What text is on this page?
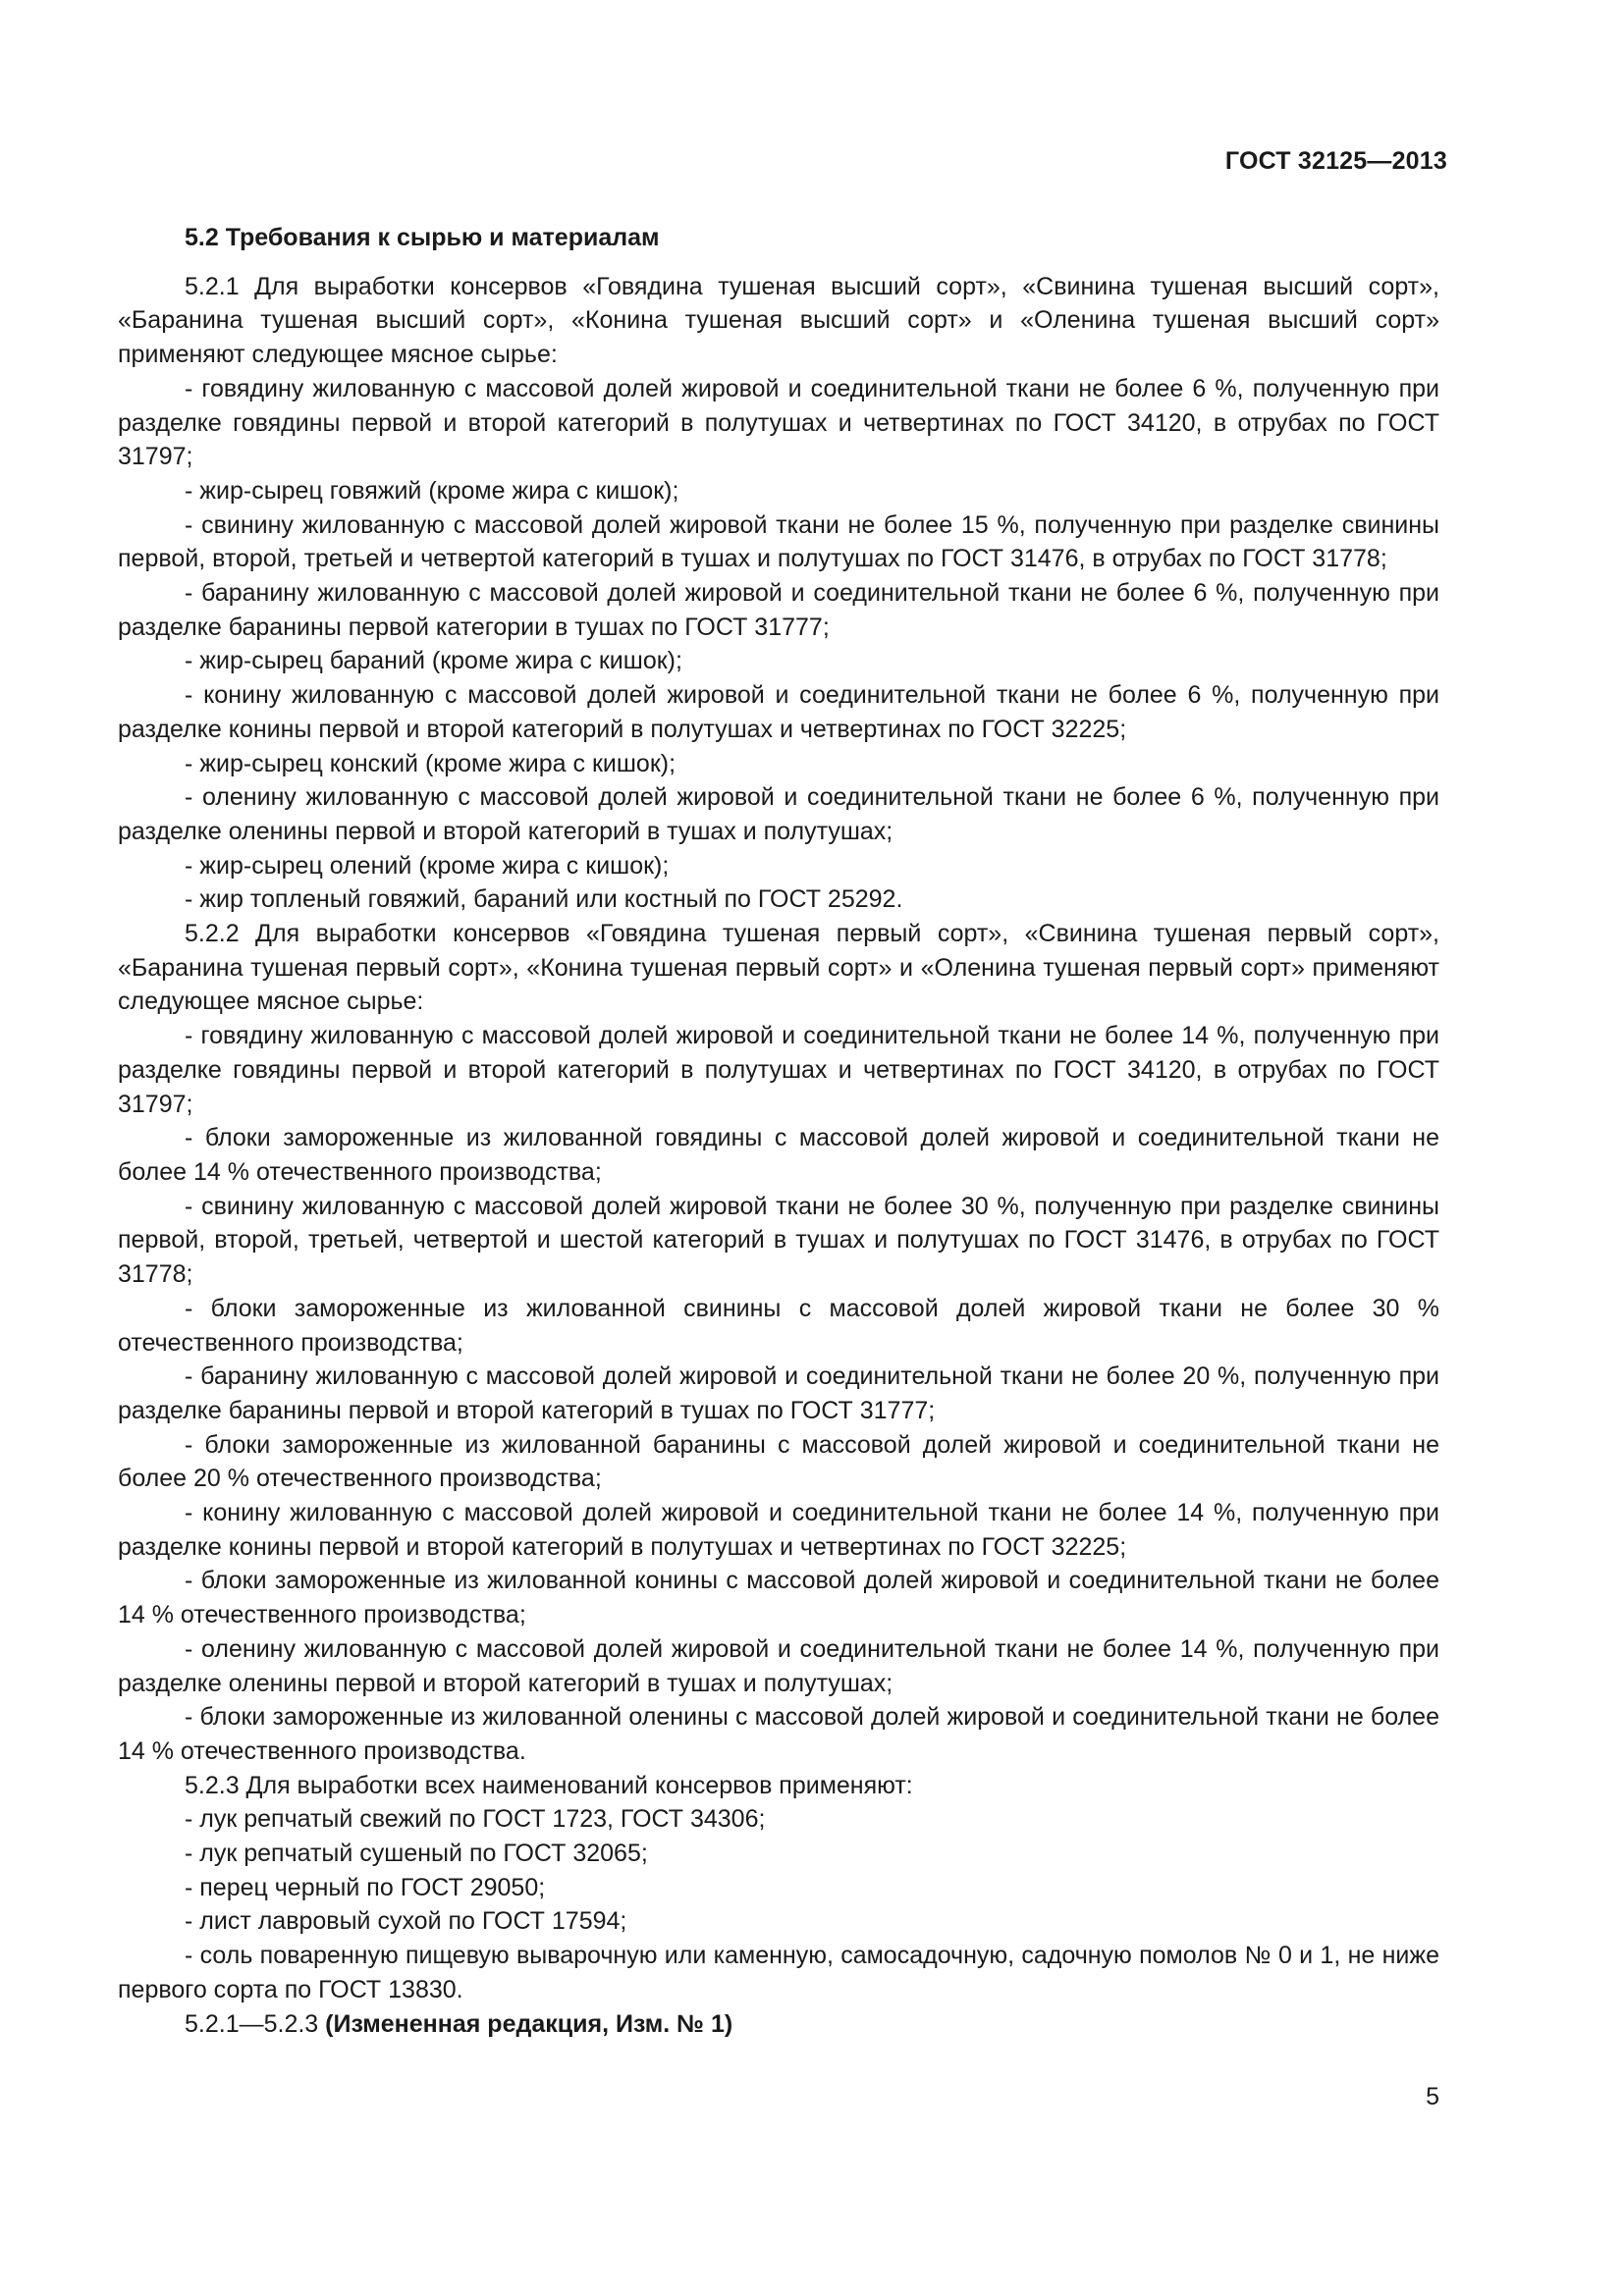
ГОСТ 32125—2013
5.2 Требования к сырью и материалам

5.2.1 Для выработки консервов «Говядина тушеная высший сорт», «Свинина тушеная высший сорт», «Баранина тушеная высший сорт», «Конина тушеная высший сорт» и «Оленина тушеная высший сорт» применяют следующее мясное сырье:

- говядину жилованную с массовой долей жировой и соединительной ткани не более 6 %, полученную при разделке говядины первой и второй категорий в полутушах и четвертинах по ГОСТ 34120, в отрубах по ГОСТ 31797;

- жир-сырец говяжий (кроме жира с кишок);

- свинину жилованную с массовой долей жировой ткани не более 15 %, полученную при разделке свинины первой, второй, третьей и четвертой категорий в тушах и полутушах по ГОСТ 31476, в отрубах по ГОСТ 31778;

- баранину жилованную с массовой долей жировой и соединительной ткани не более 6 %, полученную при разделке баранины первой категории в тушах по ГОСТ 31777;

- жир-сырец бараний (кроме жира с кишок);

- конину жилованную с массовой долей жировой и соединительной ткани не более 6 %, полученную при разделке конины первой и второй категорий в полутушах и четвертинах по ГОСТ 32225;

- жир-сырец конский (кроме жира с кишок);

- оленину жилованную с массовой долей жировой и соединительной ткани не более 6 %, полученную при разделке оленины первой и второй категорий в тушах и полутушах;

- жир-сырец олений (кроме жира с кишок);

- жир топленый говяжий, бараний или костный по ГОСТ 25292.

5.2.2 Для выработки консервов «Говядина тушеная первый сорт», «Свинина тушеная первый сорт», «Баранина тушеная первый сорт», «Конина тушеная первый сорт» и «Оленина тушеная первый сорт» применяют следующее мясное сырье:

- говядину жилованную с массовой долей жировой и соединительной ткани не более 14 %, полученную при разделке говядины первой и второй категорий в полутушах и четвертинах по ГОСТ 34120, в отрубах по ГОСТ 31797;

- блоки замороженные из жилованной говядины с массовой долей жировой и соединительной ткани не более 14 % отечественного производства;

- свинину жилованную с массовой долей жировой ткани не более 30 %, полученную при разделке свинины первой, второй, третьей, четвертой и шестой категорий в тушах и полутушах по ГОСТ 31476, в отрубах по ГОСТ 31778;

- блоки замороженные из жилованной свинины с массовой долей жировой ткани не более 30 % отечественного производства;

- баранину жилованную с массовой долей жировой и соединительной ткани не более 20 %, полученную при разделке баранины первой и второй категорий в тушах по ГОСТ 31777;

- блоки замороженные из жилованной баранины с массовой долей жировой и соединительной ткани не более 20 % отечественного производства;

- конину жилованную с массовой долей жировой и соединительной ткани не более 14 %, полученную при разделке конины первой и второй категорий в полутушах и четвертинах по ГОСТ 32225;

- блоки замороженные из жилованной конины с массовой долей жировой и соединительной ткани не более 14 % отечественного производства;

- оленину жилованную с массовой долей жировой и соединительной ткани не более 14 %, полученную при разделке оленины первой и второй категорий в тушах и полутушах;

- блоки замороженные из жилованной оленины с массовой долей жировой и соединительной ткани не более 14 % отечественного производства.

5.2.3 Для выработки всех наименований консервов применяют:

- лук репчатый свежий по ГОСТ 1723, ГОСТ 34306;

- лук репчатый сушеный по ГОСТ 32065;

- перец черный по ГОСТ 29050;

- лист лавровый сухой по ГОСТ 17594;

- соль поваренную пищевую выварочную или каменную, самосадочную, садочную помолов № 0 и 1, не ниже первого сорта по ГОСТ 13830.

5.2.1—5.2.3 (Измененная редакция, Изм. № 1)

5
